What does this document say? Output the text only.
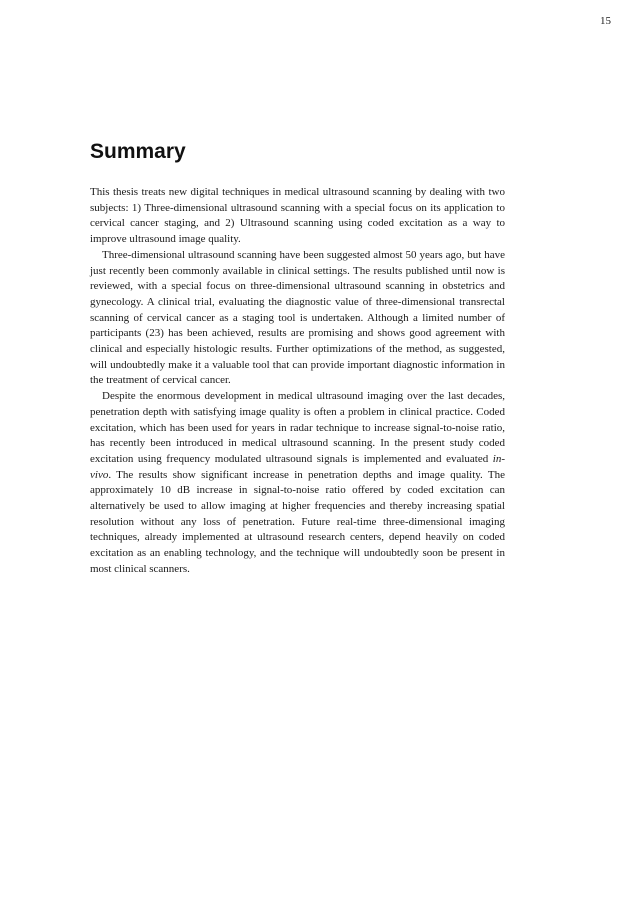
15
Summary

This thesis treats new digital techniques in medical ultrasound scanning by dealing with two subjects: 1) Three-dimensional ultrasound scanning with a special focus on its application to cervical cancer staging, and 2) Ultrasound scanning using coded excitation as a way to improve ultrasound image quality.

Three-dimensional ultrasound scanning have been suggested almost 50 years ago, but have just recently been commonly available in clinical settings. The results published until now is reviewed, with a special focus on three-dimensional ultrasound scanning in obstetrics and gynecology. A clinical trial, evaluating the diagnostic value of three-dimensional transrectal scanning of cervical cancer as a staging tool is undertaken. Although a limited number of participants (23) has been achieved, results are promising and shows good agreement with clinical and especially histologic results. Further optimizations of the method, as suggested, will undoubtedly make it a valuable tool that can provide important diagnostic information in the treatment of cervical cancer.

Despite the enormous development in medical ultrasound imaging over the last decades, penetration depth with satisfying image quality is often a problem in clinical practice. Coded excitation, which has been used for years in radar technique to increase signal-to-noise ratio, has recently been introduced in medical ultrasound scanning. In the present study coded excitation using frequency modulated ultrasound signals is implemented and evaluated in-vivo. The results show significant increase in penetration depths and image quality. The approximately 10 dB increase in signal-to-noise ratio offered by coded excitation can alternatively be used to allow imaging at higher frequencies and thereby increasing spatial resolution without any loss of penetration. Future real-time three-dimensional imaging techniques, already implemented at ultrasound research centers, depend heavily on coded excitation as an enabling technology, and the technique will undoubtedly soon be present in most clinical scanners.
